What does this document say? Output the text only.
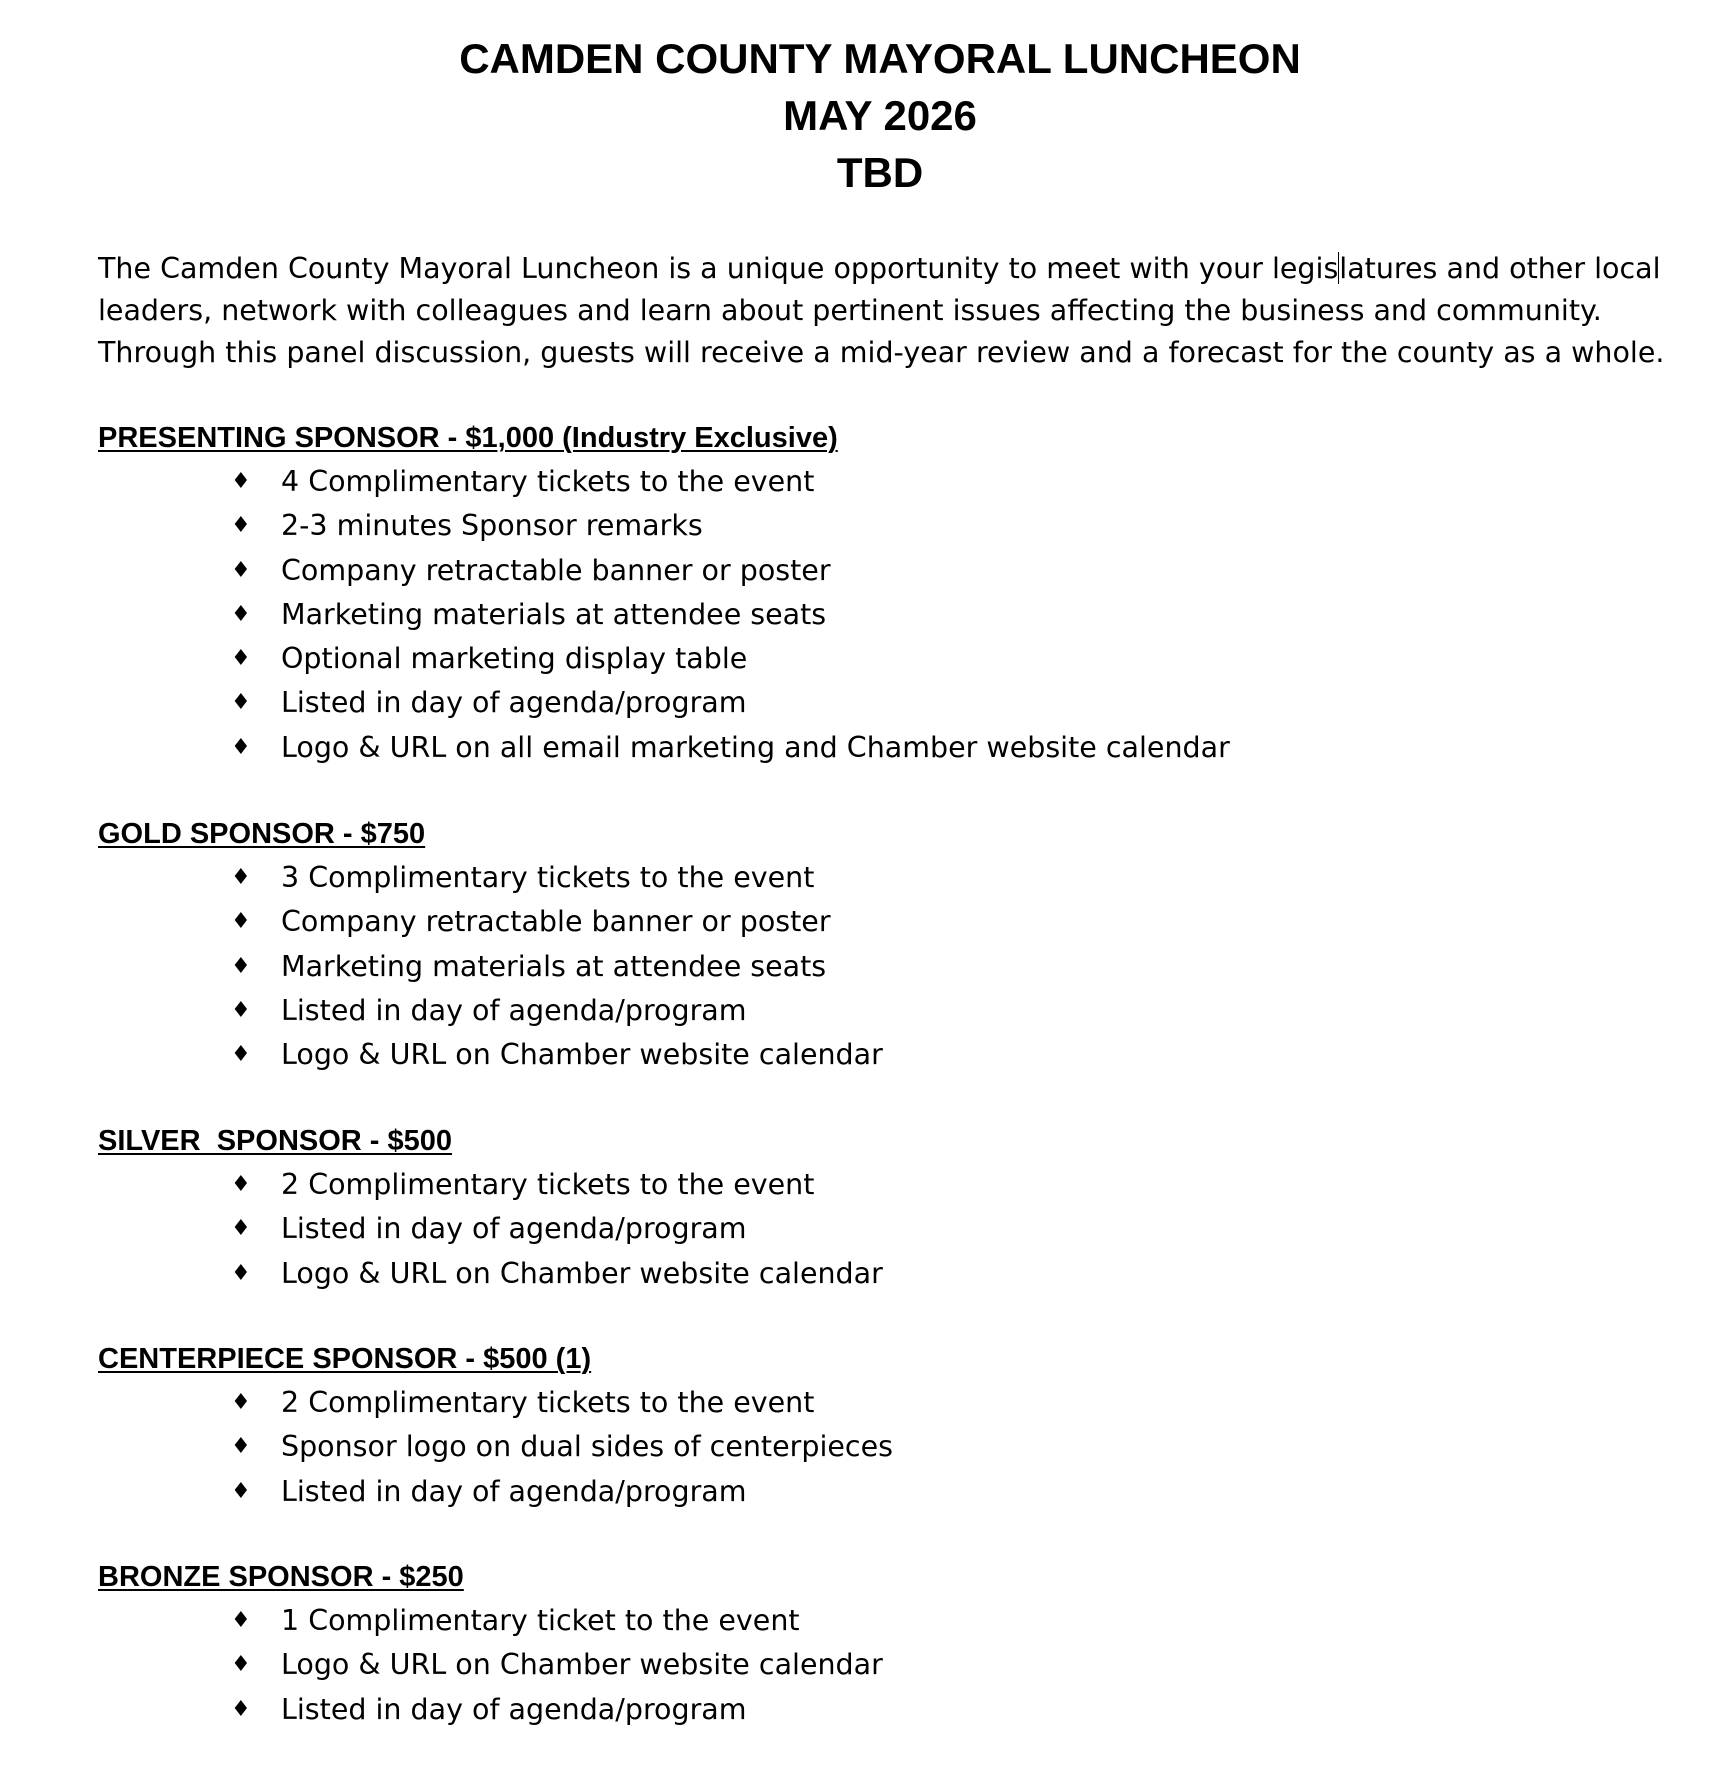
CAMDEN COUNTY MAYORAL LUNCHEON
MAY 2026
TBD

The Camden County Mayoral Luncheon is a unique opportunity to meet with your legislatures and other local
leaders, network with colleagues and learn about pertinent issues affecting the business and community.
Through this panel discussion, guests will receive a mid-year review and a forecast for the county as a whole.

PRESENTING SPONSOR - $1,000 (Industry Exclusive)
♦ 4 Complimentary tickets to the event
♦ 2-3 minutes Sponsor remarks
♦ Company retractable banner or poster
♦ Marketing materials at attendee seats
♦ Optional marketing display table
♦ Listed in day of agenda/program
♦ Logo & URL on all email marketing and Chamber website calendar
GOLD SPONSOR - $750
♦ 3 Complimentary tickets to the event
♦ Company retractable banner or poster
♦ Marketing materials at attendee seats
♦ Listed in day of agenda/program
♦ Logo & URL on Chamber website calendar
SILVER  SPONSOR - $500
♦ 2 Complimentary tickets to the event
♦ Listed in day of agenda/program
♦ Logo & URL on Chamber website calendar
CENTERPIECE SPONSOR - $500 (1)
♦ 2 Complimentary tickets to the event
♦ Sponsor logo on dual sides of centerpieces
♦ Listed in day of agenda/program
BRONZE SPONSOR - $250
♦ 1 Complimentary ticket to the event
♦ Logo & URL on Chamber website calendar
♦ Listed in day of agenda/program
